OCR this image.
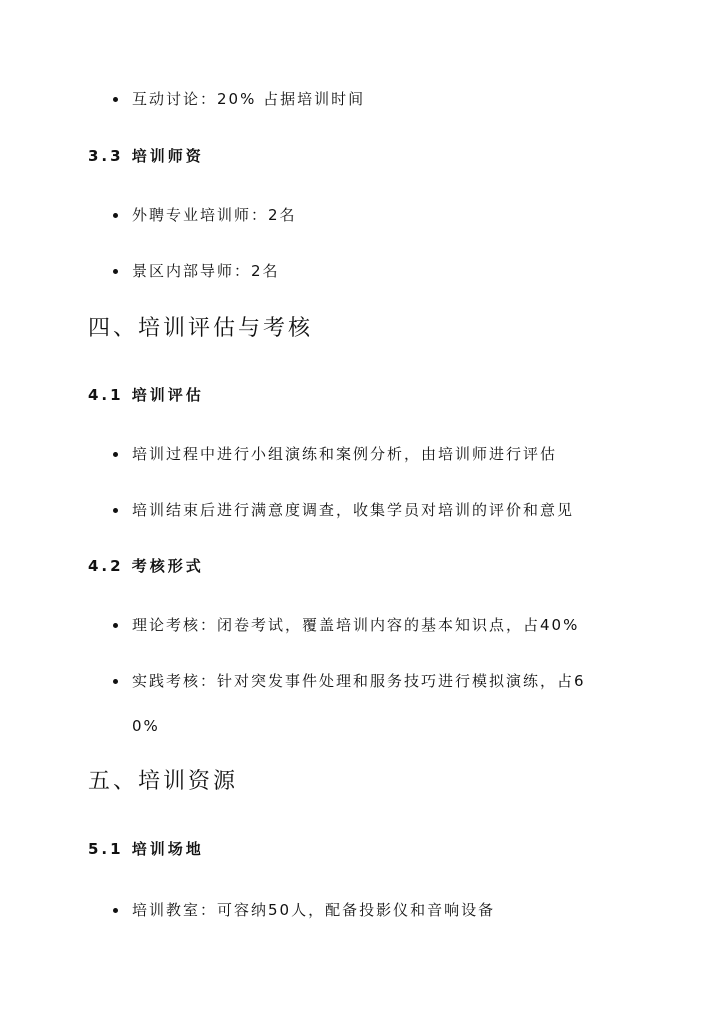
互动讨论：20% 占据培训时间
3.3 培训师资
外聘专业培训师：2名
景区内部导师：2名
四、培训评估与考核
4.1 培训评估
培训过程中进行小组演练和案例分析，由培训师进行评估
培训结束后进行满意度调查，收集学员对培训的评价和意见
4.2 考核形式
理论考核：闭卷考试，覆盖培训内容的基本知识点，占40%
实践考核：针对突发事件处理和服务技巧进行模拟演练，占6
0%
五、培训资源
5.1 培训场地
培训教室：可容纳50人，配备投影仪和音响设备
